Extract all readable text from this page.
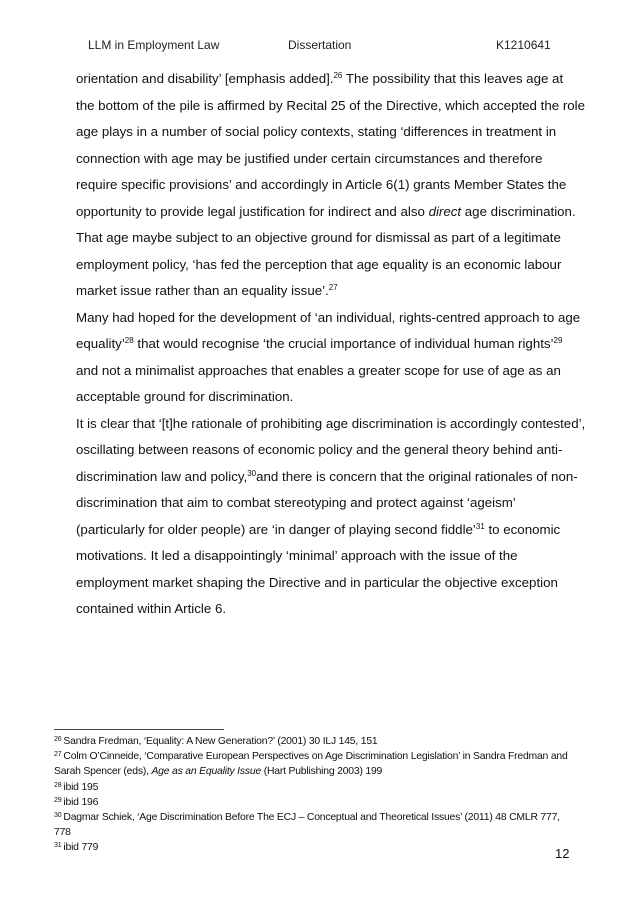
LLM in Employment Law	Dissertation	K1210641
orientation and disability’ [emphasis added].$^{26}$ The possibility that this leaves age at
the bottom of the pile is affirmed by Recital 25 of the Directive, which accepted the role
age plays in a number of social policy contexts, stating ‘differences in treatment in
connection with age may be justified under certain circumstances and therefore
require specific provisions’ and accordingly in Article 6(1) grants Member States the
opportunity to provide legal justification for indirect and also direct age discrimination.
That age maybe subject to an objective ground for dismissal as part of a legitimate
employment policy, ‘has fed the perception that age equality is an economic labour
market issue rather than an equality issue’.$^{27}$
Many had hoped for the development of ‘an individual, rights-centred approach to age
equality’$^{28}$ that would recognise ‘the crucial importance of individual human rights’$^{29}$
and not a minimalist approaches that enables a greater scope for use of age as an
acceptable ground for discrimination.
It is clear that ‘[t]he rationale of prohibiting age discrimination is accordingly contested’,
oscillating between reasons of economic policy and the general theory behind anti-
discrimination law and policy,$^{30}$and there is concern that the original rationales of non-
discrimination that aim to combat stereotyping and protect against ‘ageism’
(particularly for older people) are ‘in danger of playing second fiddle’$^{31}$ to economic
motivations. It led a disappointingly ‘minimal’ approach with the issue of the
employment market shaping the Directive and in particular the objective exception
contained within Article 6.
$^{26}$ Sandra Fredman, ‘Equality: A New Generation?’ (2001) 30 ILJ 145, 151
$^{27}$ Colm O’Cinneide, ‘Comparative European Perspectives on Age Discrimination Legislation’ in Sandra Fredman and
Sarah Spencer (eds), Age as an Equality Issue (Hart Publishing 2003) 199
$^{28}$ ibid 195
$^{29}$ ibid 196
$^{30}$ Dagmar Schiek, ‘Age Discrimination Before The ECJ – Conceptual and Theoretical Issues’ (2011) 48 CMLR 777,
778
$^{31}$ ibid 779	12
